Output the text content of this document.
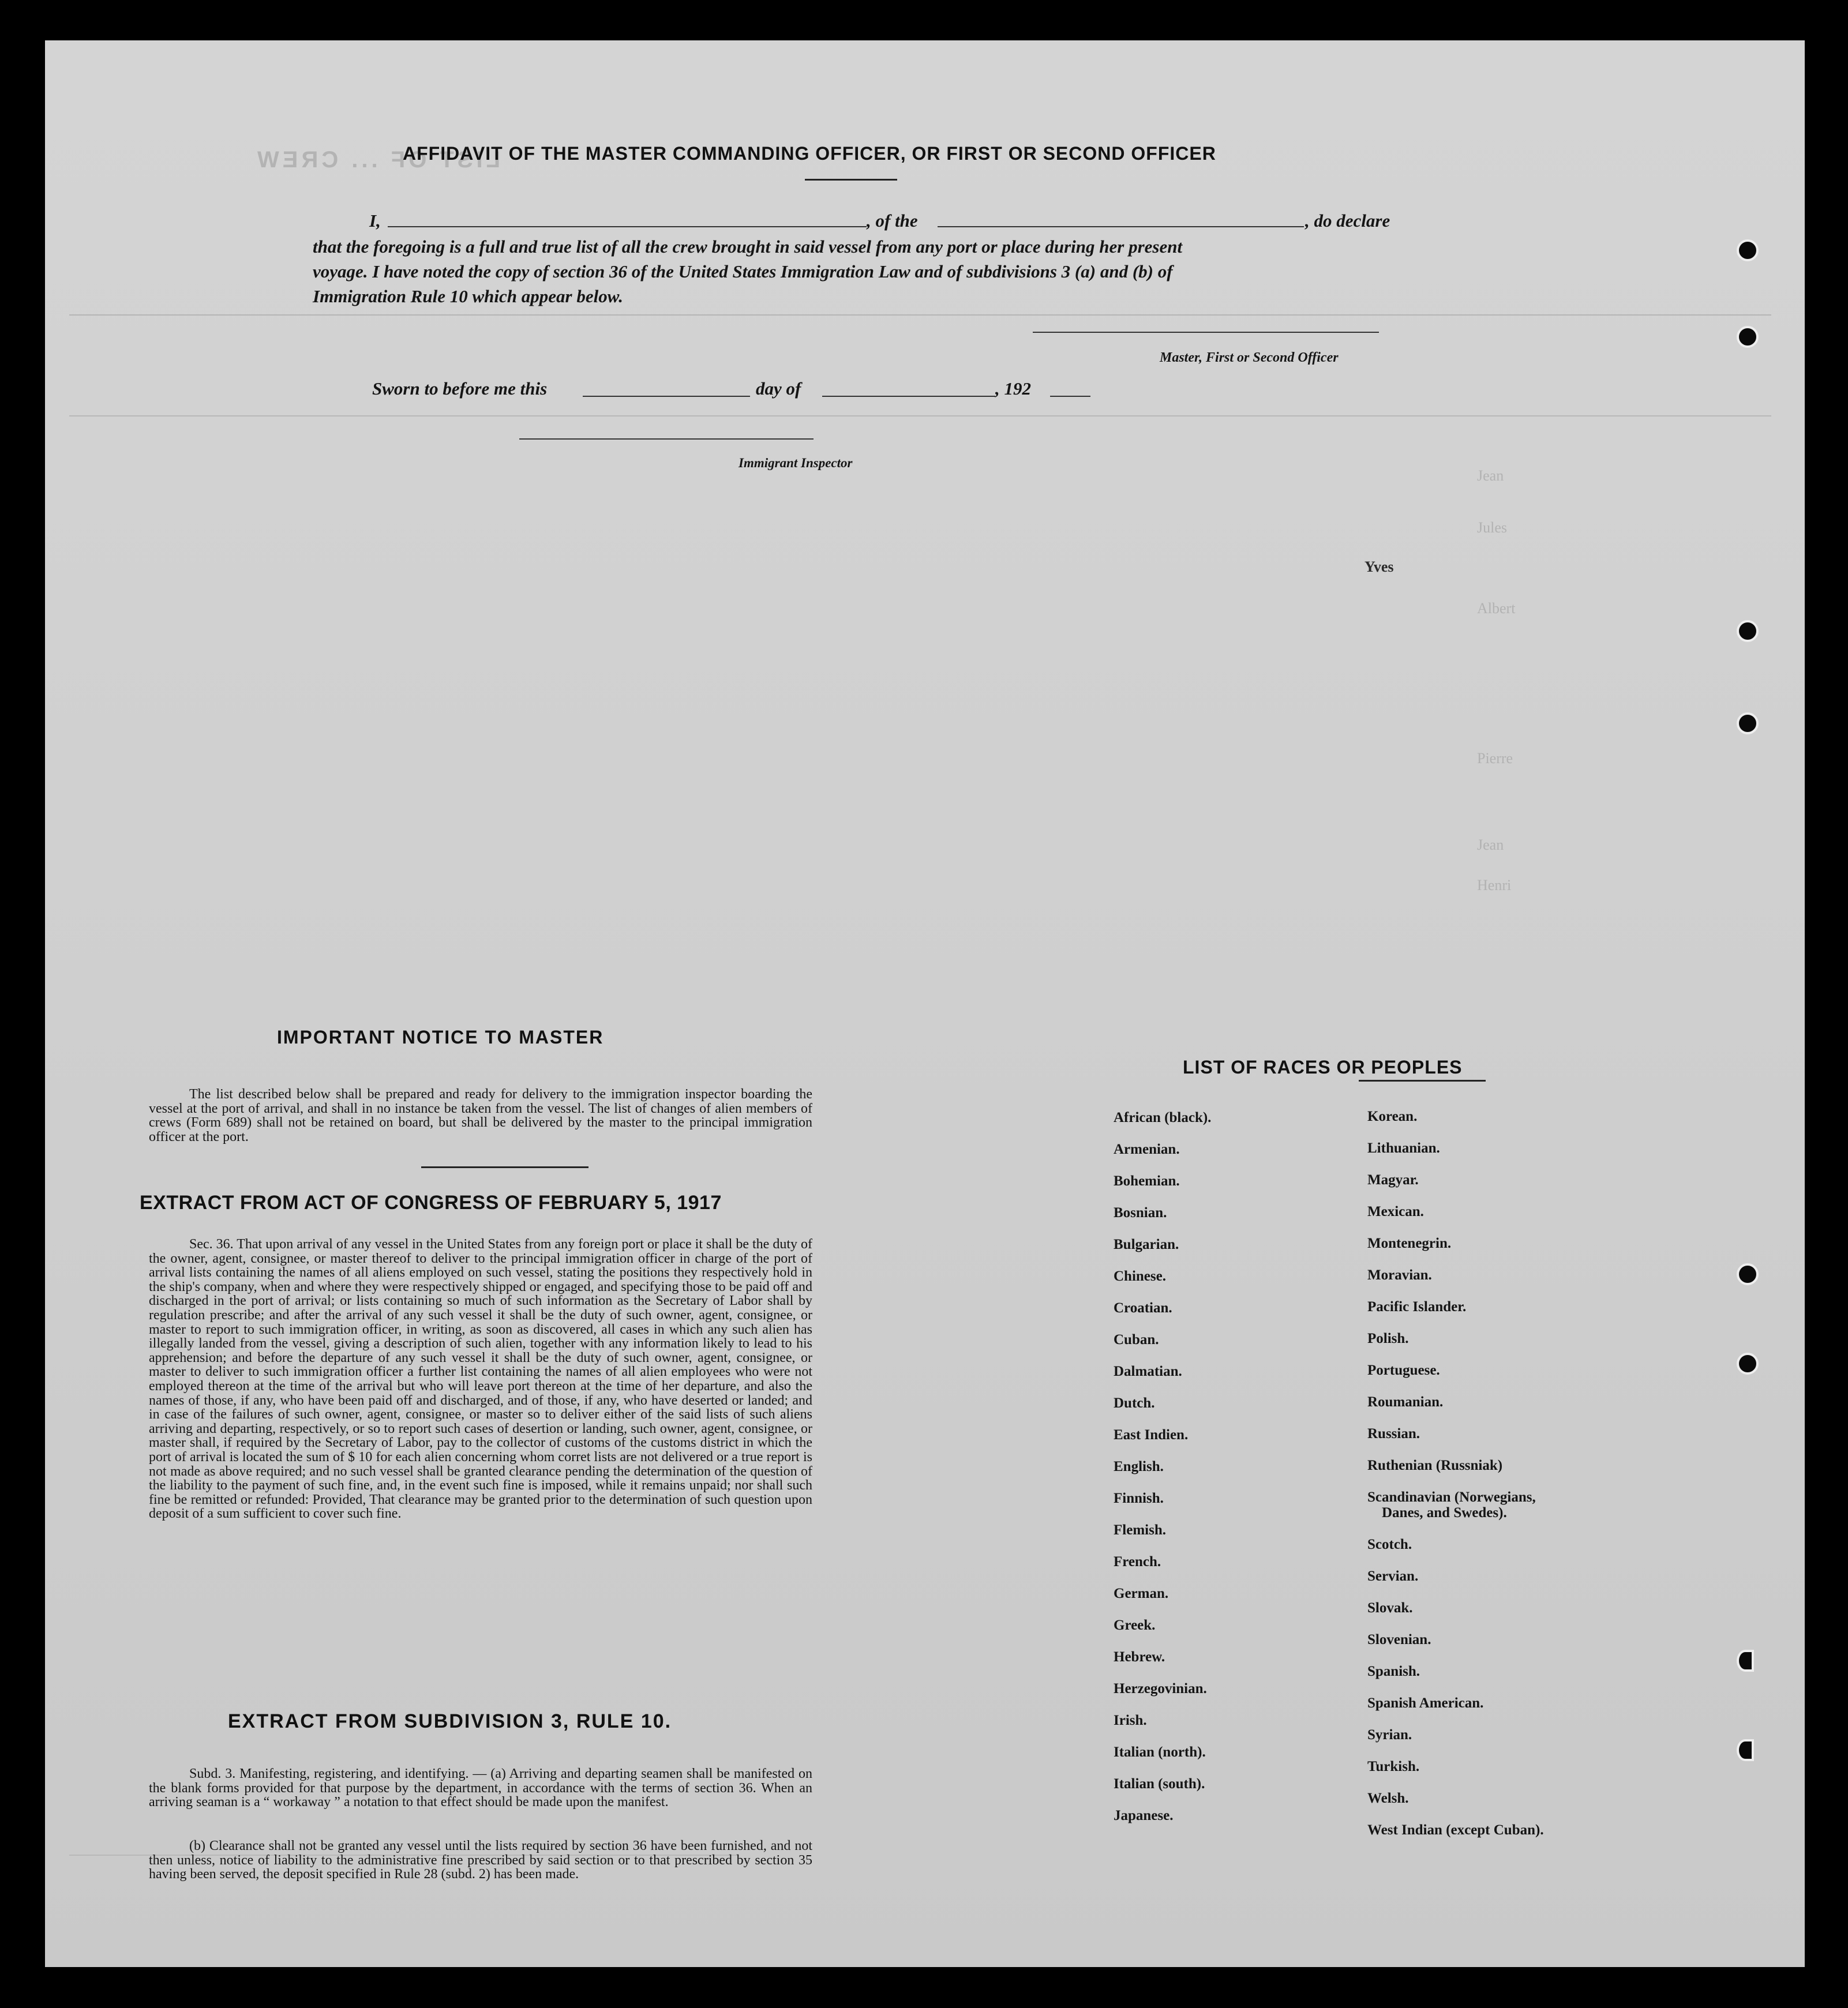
LIST OF ... CREW
Jean
Jules
Yves
Albert
Pierre
Jean
Henri
AFFIDAVIT OF THE MASTER COMMANDING OFFICER, OR FIRST OR SECOND OFFICER
I,	, of the	, do declare
that the foregoing is a full and true list of all the crew brought in said vessel from any port or place during her present
voyage. I have noted the copy of section 36 of the United States Immigration Law and of subdivisions 3 (a) and (b) of
Immigration Rule 10 which appear below.
Master, First or Second Officer
Sworn to before me this	day of	, 192
Immigrant Inspector
IMPORTANT NOTICE TO MASTER
The list described below shall be prepared and ready for delivery to the immigration inspector boarding the vessel at the port of arrival, and shall in no instance be taken from the vessel. The list of changes of alien members of crews (Form 689) shall not be retained on board, but shall be delivered by the master to the principal immigration officer at the port.
EXTRACT FROM ACT OF CONGRESS OF FEBRUARY 5, 1917
Sec. 36. That upon arrival of any vessel in the United States from any foreign port or place it shall be the duty of the owner, agent, consignee, or master thereof to deliver to the principal immigration officer in charge of the port of arrival lists containing the names of all aliens employed on such vessel, stating the positions they respectively hold in the ship's company, when and where they were respectively shipped or engaged, and specifying those to be paid off and discharged in the port of arrival; or lists containing so much of such information as the Secretary of Labor shall by regulation prescribe; and after the arrival of any such vessel it shall be the duty of such owner, agent, consignee, or master to report to such immigration officer, in writing, as soon as discovered, all cases in which any such alien has illegally landed from the vessel, giving a description of such alien, together with any information likely to lead to his apprehension; and before the departure of any such vessel it shall be the duty of such owner, agent, consignee, or master to deliver to such immigration officer a further list containing the names of all alien employees who were not employed thereon at the time of the arrival but who will leave port thereon at the time of her departure, and also the names of those, if any, who have been paid off and discharged, and of those, if any, who have deserted or landed; and in case of the failures of such owner, agent, consignee, or master so to deliver either of the said lists of such aliens arriving and departing, respectively, or so to report such cases of desertion or landing, such owner, agent, consignee, or master shall, if required by the Secretary of Labor, pay to the collector of customs of the customs district in which the port of arrival is located the sum of $ 10 for each alien concerning whom corret lists are not delivered or a true report is not made as above required; and no such vessel shall be granted clearance pending the determination of the question of the liability to the payment of such fine, and, in the event such fine is imposed, while it remains unpaid; nor shall such fine be remitted or refunded: Provided, That clearance may be granted prior to the determination of such question upon deposit of a sum sufficient to cover such fine.
EXTRACT FROM SUBDIVISION 3, RULE 10.
Subd. 3. Manifesting, registering, and identifying. — (a) Arriving and departing seamen shall be manifested on the blank forms provided for that purpose by the department, in accordance with the terms of section 36. When an arriving seaman is a “ workaway ” a notation to that effect should be made upon the manifest.
(b) Clearance shall not be granted any vessel until the lists required by section 36 have been furnished, and not then unless, notice of liability to the administrative fine prescribed by said section or to that prescribed by section 35 having been served, the deposit specified in Rule 28 (subd. 2) has been made.
LIST OF RACES OR PEOPLES
African (black).
Armenian.
Bohemian.
Bosnian.
Bulgarian.
Chinese.
Croatian.
Cuban.
Dalmatian.
Dutch.
East Indien.
English.
Finnish.
Flemish.
French.
German.
Greek.
Hebrew.
Herzegovinian.
Irish.
Italian (north).
Italian (south).
Japanese.
Korean.
Lithuanian.
Magyar.
Mexican.
Montenegrin.
Moravian.
Pacific Islander.
Polish.
Portuguese.
Roumanian.
Russian.
Ruthenian (Russniak)
Scandinavian (Norwegians,
Danes, and Swedes).
Scotch.
Servian.
Slovak.
Slovenian.
Spanish.
Spanish American.
Syrian.
Turkish.
Welsh.
West Indian (except Cuban).
